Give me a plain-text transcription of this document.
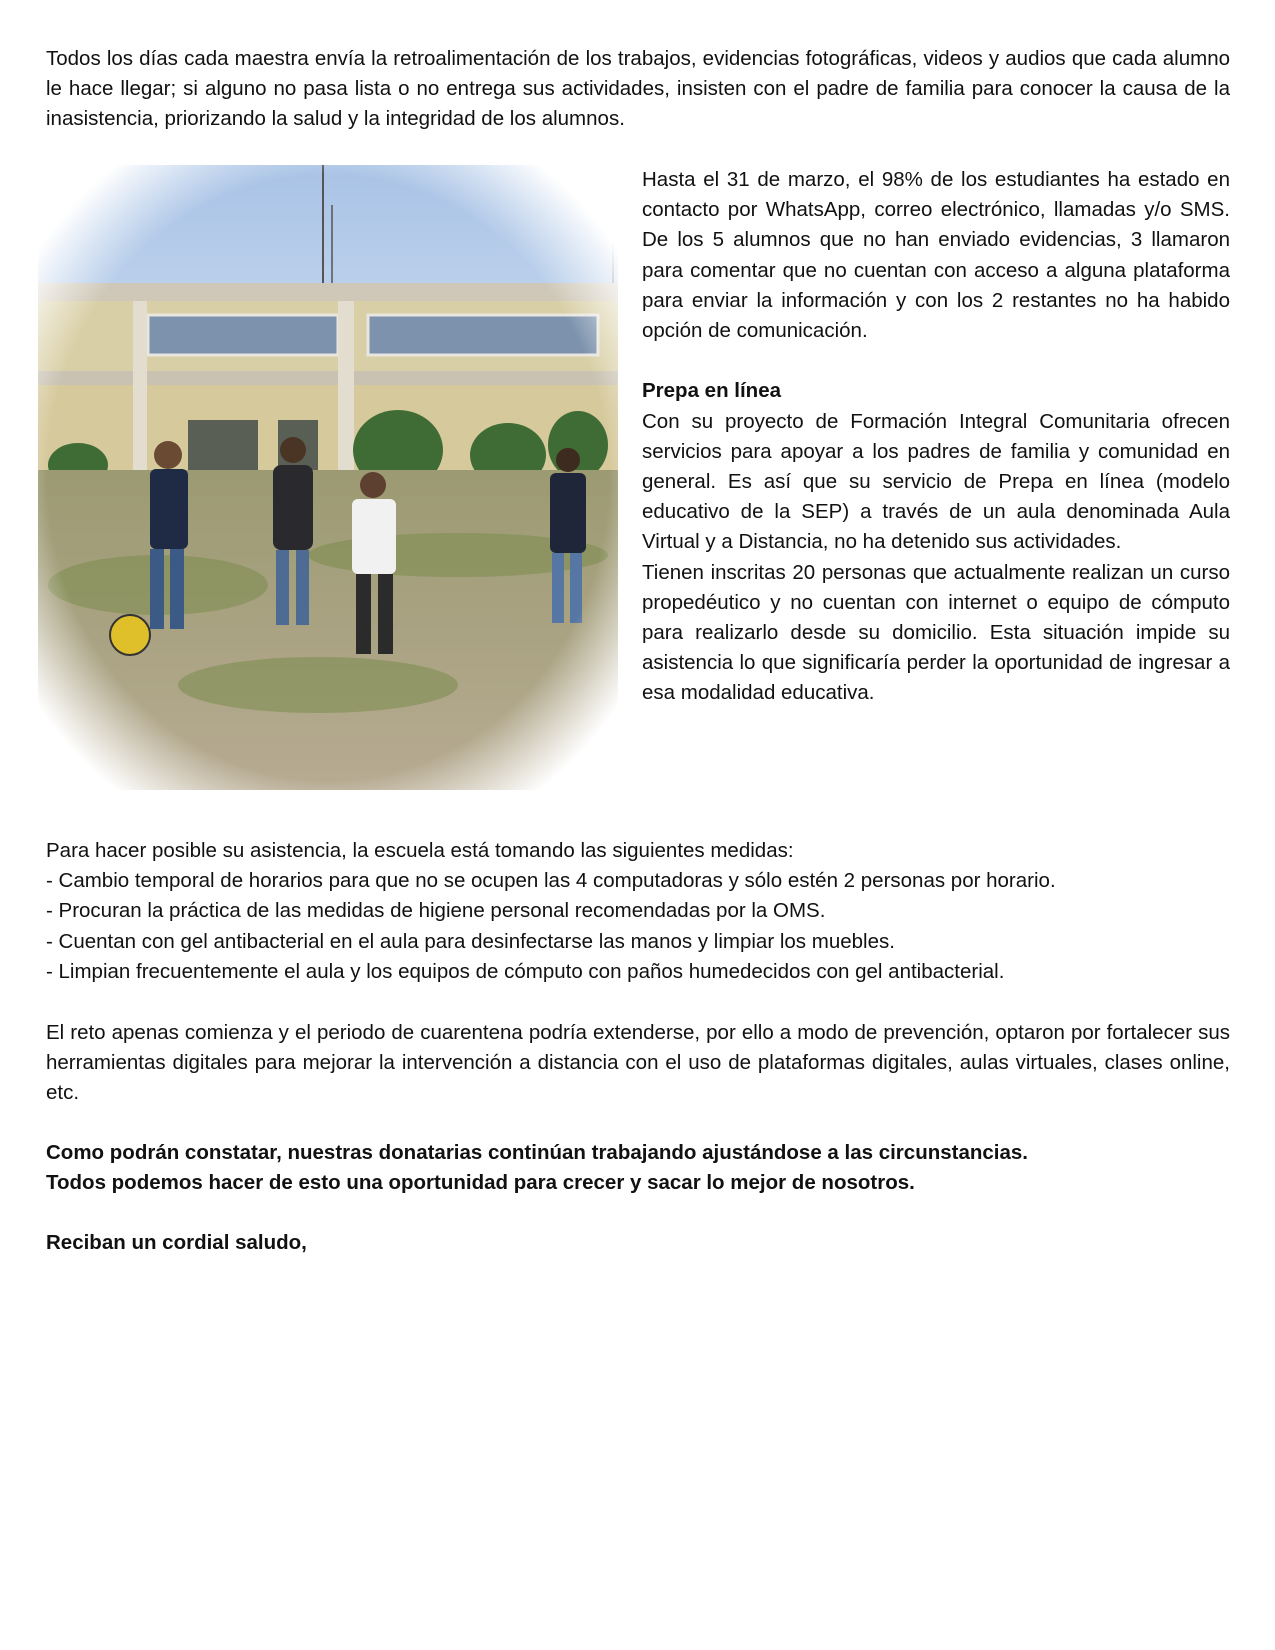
Todos los días cada maestra envía la retroalimentación de los trabajos, evidencias fotográficas, videos y audios que cada alumno le hace llegar; si alguno no pasa lista o no entrega sus actividades, insisten con el padre de familia para conocer la causa de la inasistencia, priorizando la salud y la integridad de los alumnos.

Hasta el 31 de marzo, el 98% de los estudiantes ha estado en contacto por WhatsApp, correo electrónico, llamadas y/o SMS. De los 5 alumnos que no han enviado evidencias, 3 llamaron para comentar que no cuentan con acceso a alguna plataforma para enviar la información y con los 2 restantes no ha habido opción de comunicación.

Prepa en línea

Con su proyecto de Formación Integral Comunitaria ofrecen servicios para apoyar a los padres de familia y comunidad en general. Es así que su servicio de Prepa en línea (modelo educativo de la SEP) a través de un aula denominada Aula Virtual y a Distancia, no ha detenido sus actividades.

Tienen inscritas 20 personas que actualmente realizan un curso propedéutico y no cuentan con internet o equipo de cómputo para realizarlo desde su domicilio. Esta situación impide su asistencia lo que significaría perder la oportunidad de ingresar a esa modalidad educativa.

Para hacer posible su asistencia, la escuela está tomando las siguientes medidas:

- Cambio temporal de horarios para que no se ocupen las 4 computadoras y sólo estén 2 personas por horario.

- Procuran la práctica de las medidas de higiene personal recomendadas por la OMS.

- Cuentan con gel antibacterial en el aula para desinfectarse las manos y limpiar los muebles.

- Limpian frecuentemente el aula y los equipos de cómputo con paños humedecidos con gel antibacterial.

El reto apenas comienza y el periodo de cuarentena podría extenderse, por ello a modo de prevención, optaron por fortalecer sus herramientas digitales para mejorar la intervención a distancia con el uso de plataformas digitales, aulas virtuales, clases online, etc.

Como podrán constatar, nuestras donatarias continúan trabajando ajustándose a las circunstancias.

Todos podemos hacer de esto una oportunidad para crecer y sacar lo mejor de nosotros.

Reciban un cordial saludo,
